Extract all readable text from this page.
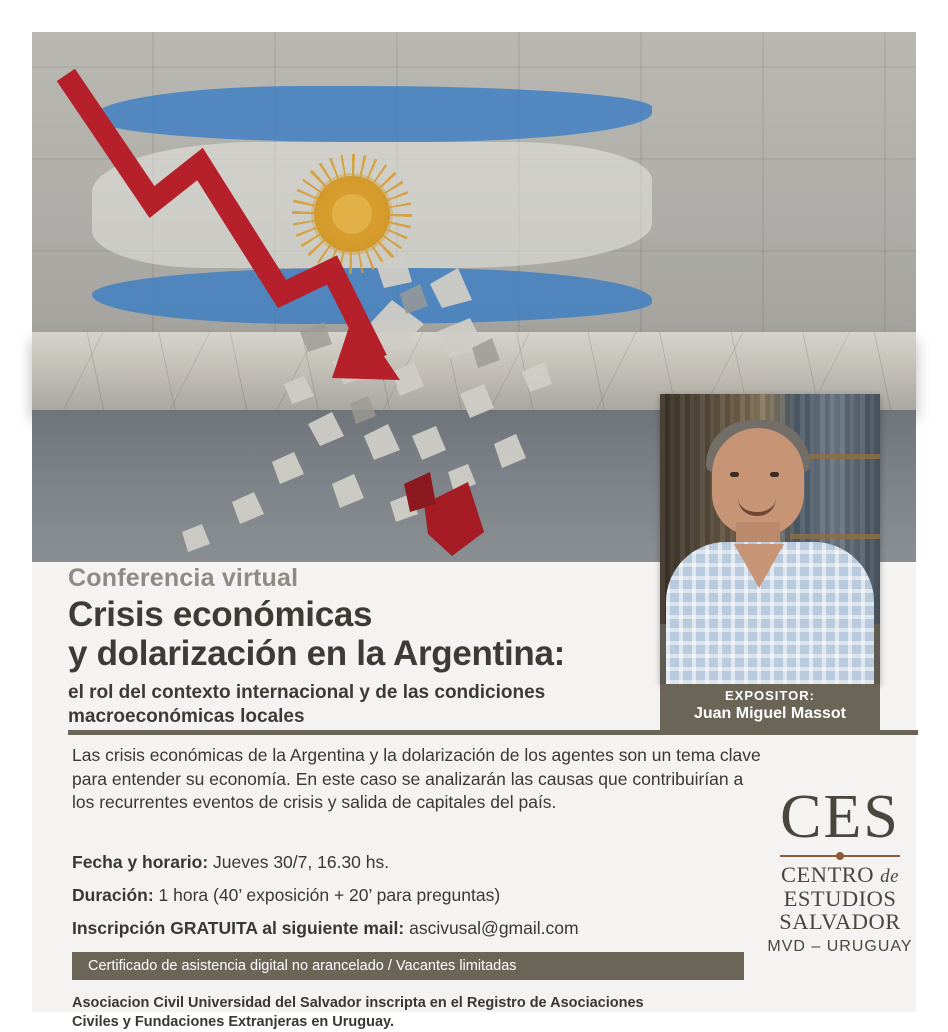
EXPOSITOR:
Juan Miguel Massot
Conferencia virtual
Crisis económicas
y dolarización en la Argentina:
el rol del contexto internacional y de las condiciones
macroeconómicas locales
Las crisis económicas de la Argentina y la dolarización de los agentes son un tema clave para entender su economía. En este caso se analizarán las causas que contribuirían a los recurrentes eventos de crisis y salida de capitales del país.
Fecha y horario: Jueves 30/7, 16.30 hs.
Duración: 1 hora (40’ exposición + 20’ para preguntas)
Inscripción GRATUITA al siguiente mail: ascivusal@gmail.com
Certificado de asistencia digital no arancelado / Vacantes limitadas
Asociacion Civil Universidad del Salvador inscripta en el Registro de Asociaciones
Civiles y Fundaciones Extranjeras en Uruguay.
CES
CENTRO de
ESTUDIOS
SALVADOR
MVD – URUGUAY
